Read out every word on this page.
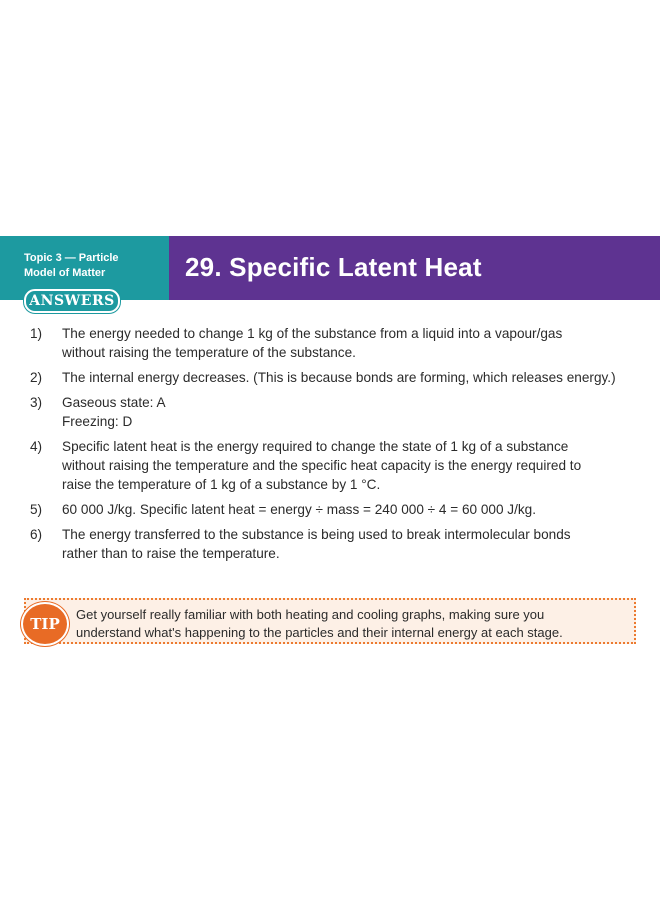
Topic 3 — Particle
Model of Matter	29. Specific Latent Heat
ANSWERS
1) The energy needed to change 1 kg of the substance from a liquid into a vapour/gas
without raising the temperature of the substance.
2) The internal energy decreases. (This is because bonds are forming, which releases energy.)
3) Gaseous state: A
Freezing: D
4) Specific latent heat is the energy required to change the state of 1 kg of a substance
without raising the temperature and the specific heat capacity is the energy required to
raise the temperature of 1 kg of a substance by 1 °C.
5) 60 000 J/kg. Specific latent heat = energy ÷ mass = 240 000 ÷ 4 = 60 000 J/kg.
6) The energy transferred to the substance is being used to break intermolecular bonds
rather than to raise the temperature.
TIP
Get yourself really familiar with both heating and cooling graphs, making sure you
understand what's happening to the particles and their internal energy at each stage.
